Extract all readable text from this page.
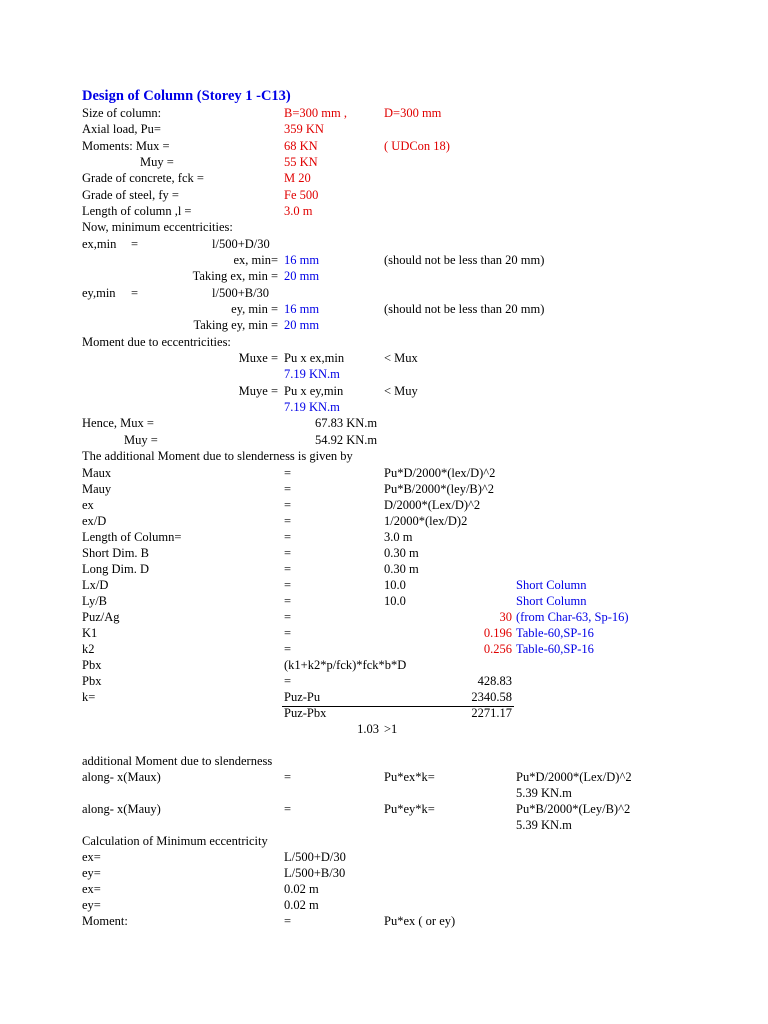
Design of Column (Storey 1 -C13)
Size of column:	B=300 mm ,	D=300 mm
Axial load, Pu=	359 KN
Moments: Mux =	68 KN	( UDCon 18)
Muy =	55 KN
Grade of concrete, fck =	M 20
Grade of steel, fy =	Fe 500
Length of column ,l =	3.0 m
Now, minimum eccentricities:
ex,min =	l/500+D/30
ex, min= 16 mm	(should not be less than 20 mm)
Taking ex, min = 20 mm
ey,min =	l/500+B/30
ey, min = 16 mm	(should not be less than 20 mm)
Taking ey, min = 20 mm
Moment due to eccentricities:
Muxe = Pu x ex,min	< Mux
7.19 KN.m
Muye = Pu x ey,min	< Muy
7.19 KN.m
Hence, Mux =	67.83 KN.m
Muy =	54.92 KN.m
The additional Moment due to slenderness is given by
Maux	=	Pu*D/2000*(lex/D)^2
Mauy	=	Pu*B/2000*(ley/B)^2
ex	=	D/2000*(Lex/D)^2
ex/D	=	1/2000*(lex/D)2
Length of Column=	=	3.0 m
Short Dim. B	=	0.30 m
Long Dim. D	=	0.30 m
Lx/D	=	10.0	Short Column
Ly/B	=	10.0	Short Column
Puz/Ag	=	30 (from Char-63, Sp-16)
K1	=	0.196 Table-60,SP-16
k2	=	0.256 Table-60,SP-16
Pbx	(k1+k2*p/fck)*fck*b*D
Pbx	=	428.83
k=	Puz-Pu	2340.58
Puz-Pbx	2271.17
1.03 >1
additional Moment due to slenderness
along- x(Maux)	=	Pu*ex*k=	Pu*D/2000*(Lex/D)^2
5.39 KN.m
along- x(Mauy)	=	Pu*ey*k=	Pu*B/2000*(Ley/B)^2
5.39 KN.m
Calculation of Minimum eccentricity
ex=	L/500+D/30
ey=	L/500+B/30
ex=	0.02 m
ey=	0.02 m
Moment:	=	Pu*ex ( or ey)
